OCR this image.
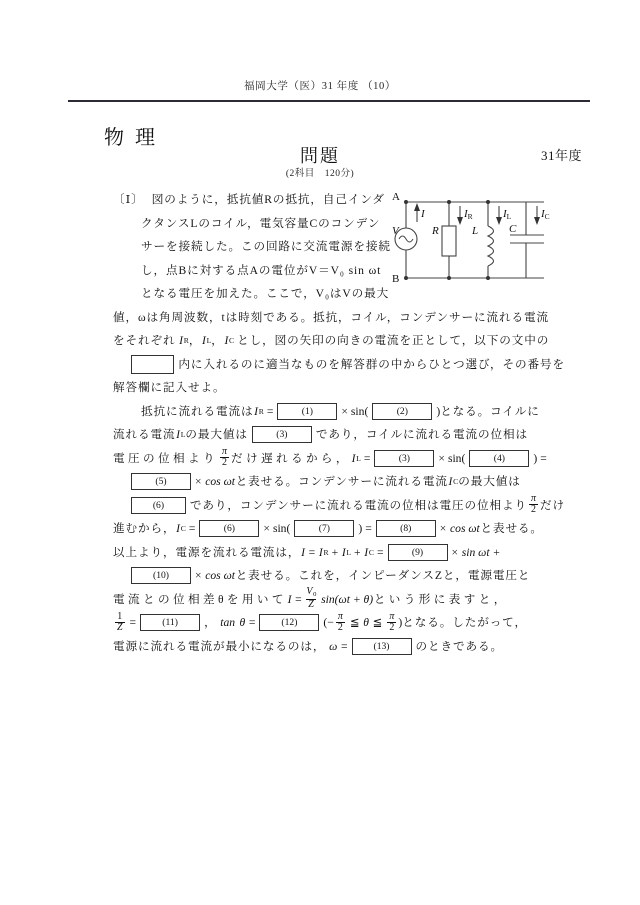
福岡大学（医）31 年度 （10）
物理
問題
(2科目　120分)
31年度
A
B
V	R	L	C
I	IR	IL	IC
〔Ⅰ〕 図のように，抵抗値Rの抵抗，自己インダ
クタンスLのコイル，電気容量Cのコンデン
サーを接続した。この回路に交流電源を接続
し，点Bに対する点Aの電位がV＝V₀ sin ωt
となる電圧を加えた。ここで，V₀はVの最大
値，ωは角周波数，tは時刻である。抵抗，コイル，コンデンサーに流れる電流
をそれぞれ I R ， I L ， I C とし，図の矢印の向きの電流を正として，以下の文中の
内に入れるのに適当なものを解答群の中からひとつ選び，その番号を
解答欄に記入せよ。
抵抗に流れる電流は I R =	(1)	× sin (	(2)	) となる。コイルに
流れる電流 I L の最大値は	(3)	であり，コイルに流れる電流の位相は
電圧の位相より $\frac{\pi}{2}$ だけ遅れるから， I L =	(3)	× sin (	(4)	) =
(5)	× cos ωt と表せる。コンデンサーに流れる電流 I C の最大値は
(6)	であり，コンデンサーに流れる電流の位相は電圧の位相より $\frac{\pi}{2}$ だけ
進むから， I C =	(6)	× sin (	(7)	) =	(8)	× cos ωt と表せる。
以上より，電源を流れる電流は， I = I R + I L + I C =	(9)	× sin ωt +
(10)	× cos ωt と表せる。これを，インピーダンスZと，電源電圧と
電流との位相差θを用いて $I = \frac{V_0}{Z} \sin(\omega t + \theta)$ という形に表すと，
$\frac{1}{Z}$ =	(11)	， tan θ =	(12)	( − $\frac{\pi}{2}$ ≦ θ ≦ $\frac{\pi}{2}$ ) となる。したがって，
電源に流れる電流が最小になるのは， ω =	(13)	のときである。
